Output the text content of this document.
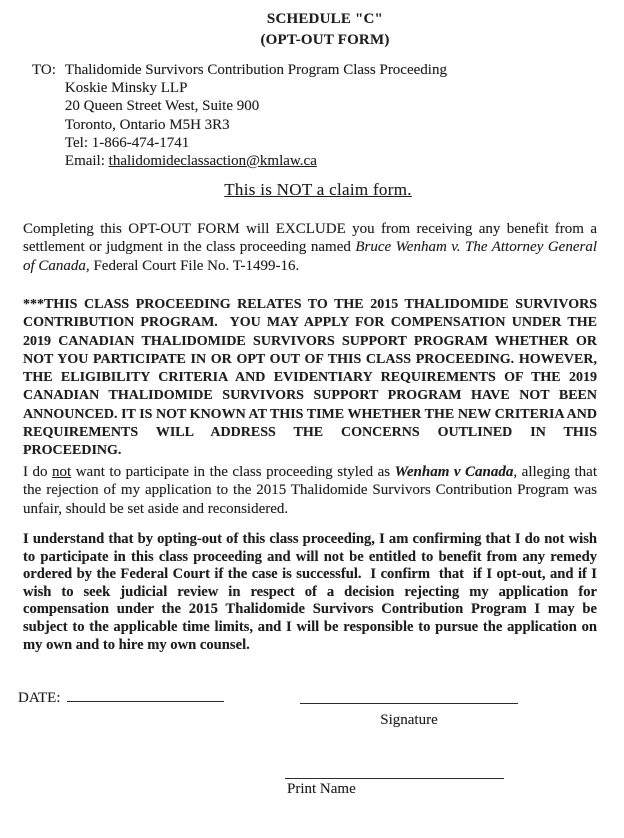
SCHEDULE "C"
(OPT-OUT FORM)
TO: Thalidomide Survivors Contribution Program Class Proceeding
Koskie Minsky LLP
20 Queen Street West, Suite 900
Toronto, Ontario M5H 3R3
Tel: 1-866-474-1741
Email: thalidomideclassaction@kmlaw.ca
This is NOT a claim form.

Completing this OPT-OUT FORM will EXCLUDE you from receiving any benefit from a settlement or judgment in the class proceeding named Bruce Wenham v. The Attorney General of Canada, Federal Court File No. T-1499-16.

***THIS CLASS PROCEEDING RELATES TO THE 2015 THALIDOMIDE SURVIVORS CONTRIBUTION PROGRAM.  YOU MAY APPLY FOR COMPENSATION UNDER THE 2019 CANADIAN THALIDOMIDE SURVIVORS SUPPORT PROGRAM WHETHER OR NOT YOU PARTICIPATE IN OR OPT OUT OF THIS CLASS PROCEEDING. HOWEVER, THE ELIGIBILITY CRITERIA AND EVIDENTIARY REQUIREMENTS OF THE 2019 CANADIAN THALIDOMIDE SURVIVORS SUPPORT PROGRAM HAVE NOT BEEN ANNOUNCED. IT IS NOT KNOWN AT THIS TIME WHETHER THE NEW CRITERIA AND REQUIREMENTS WILL ADDRESS THE CONCERNS OUTLINED IN THIS PROCEEDING.

I do not want to participate in the class proceeding styled as Wenham v Canada, alleging that the rejection of my application to the 2015 Thalidomide Survivors Contribution Program was unfair, should be set aside and reconsidered.

I understand that by opting-out of this class proceeding, I am confirming that I do not wish to participate in this class proceeding and will not be entitled to benefit from any remedy ordered by the Federal Court if the case is successful.  I confirm  that  if I opt-out, and if I wish to seek judicial review in respect of a decision rejecting my application for compensation under the 2015 Thalidomide Survivors Contribution Program I may be subject to the applicable time limits, and I will be responsible to pursue the application on my own and to hire my own counsel.

DATE:
Signature
Print Name
